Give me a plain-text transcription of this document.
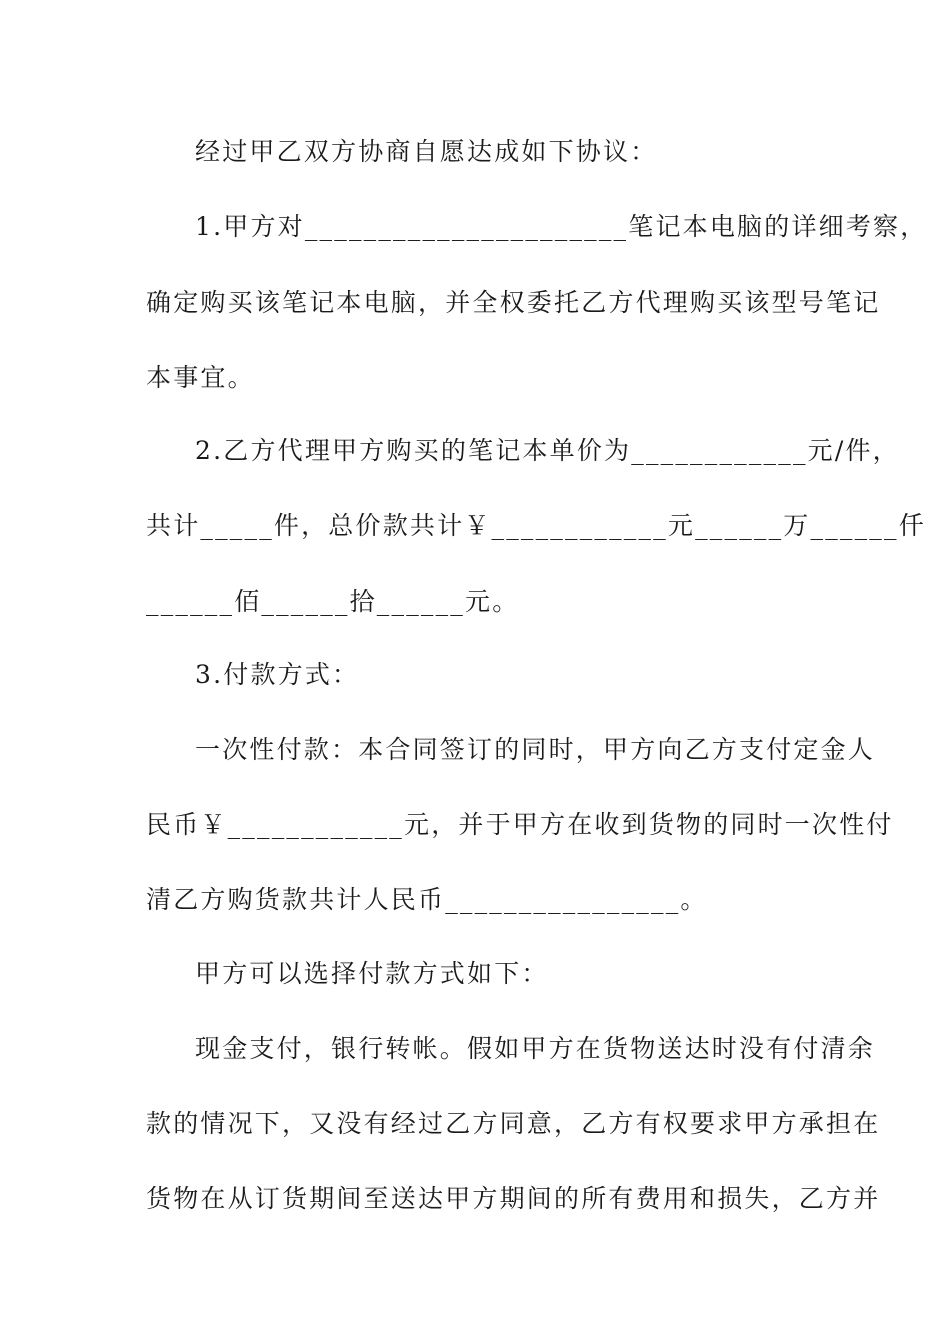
经过甲乙双方协商自愿达成如下协议：
1.甲方对______________________笔记本电脑的详细考察，
确定购买该笔记本电脑，并全权委托乙方代理购买该型号笔记
本事宜。
2.乙方代理甲方购买的笔记本单价为____________元/件，
共计_____件，总价款共计￥____________元______万______仟
______佰______拾______元。
3.付款方式：
一次性付款：本合同签订的同时，甲方向乙方支付定金人
民币￥____________元，并于甲方在收到货物的同时一次性付
清乙方购货款共计人民币________________。
甲方可以选择付款方式如下：
现金支付，银行转帐。假如甲方在货物送达时没有付清余
款的情况下，又没有经过乙方同意，乙方有权要求甲方承担在
货物在从订货期间至送达甲方期间的所有费用和损失，乙方并
